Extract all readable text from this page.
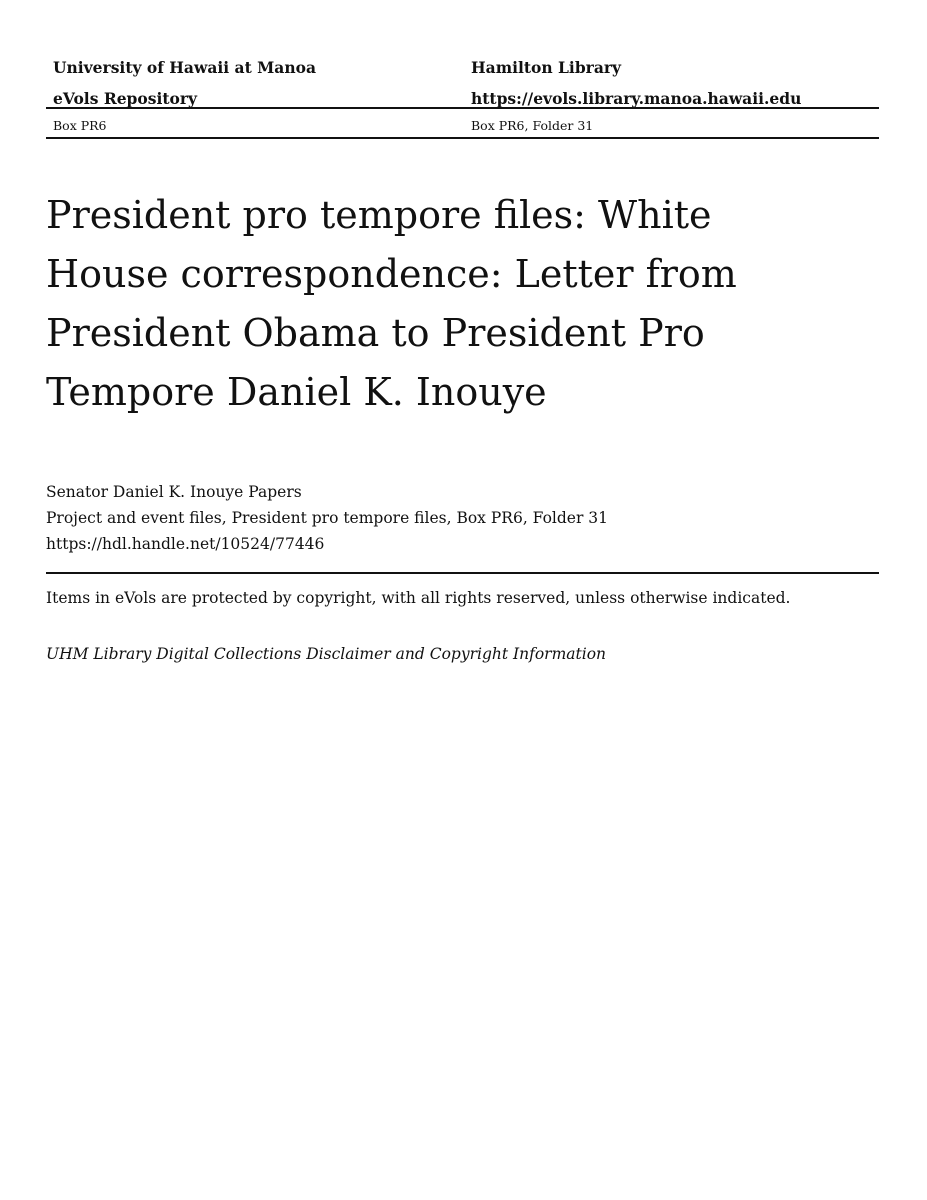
University of Hawaii at Manoa
eVols Repository
Hamilton Library
https://evols.library.manoa.hawaii.edu
Box PR6	Box PR6, Folder 31
President pro tempore files: White House correspondence: Letter from President Obama to President Pro Tempore Daniel K. Inouye
Senator Daniel K. Inouye Papers
Project and event files, President pro tempore files, Box PR6, Folder 31
https://hdl.handle.net/10524/77446
Items in eVols are protected by copyright, with all rights reserved, unless otherwise indicated.
UHM Library Digital Collections Disclaimer and Copyright Information
